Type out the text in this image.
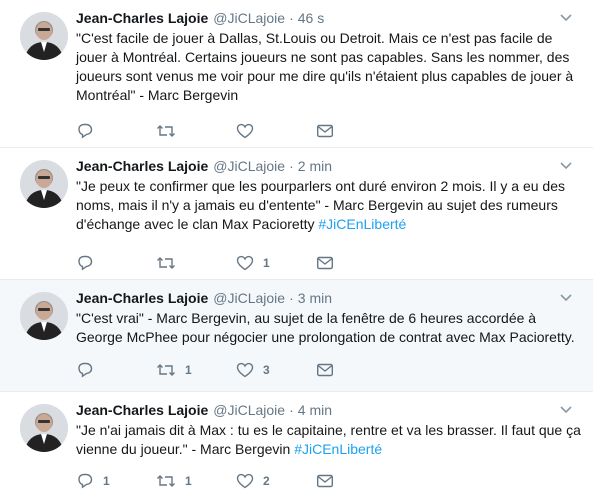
Jean-Charles Lajoie @JiCLajoie · 46 s
"C'est facile de jouer à Dallas, St.Louis ou Detroit. Mais ce n'est pas facile de jouer à Montréal. Certains joueurs ne sont pas capables. Sans les nommer, des joueurs sont venus me voir pour me dire qu'ils n'étaient plus capables de jouer à Montréal" - Marc Bergevin
Jean-Charles Lajoie @JiCLajoie · 2 min
"Je peux te confirmer que les pourparlers ont duré environ 2 mois. Il y a eu des noms, mais il n'y a jamais eu d'entente" - Marc Bergevin au sujet des rumeurs d'échange avec le clan Max Pacioretty #JiCEnLiberté
1
Jean-Charles Lajoie @JiCLajoie · 3 min
"C'est vrai" - Marc Bergevin, au sujet de la fenêtre de 6 heures accordée à George McPhee pour négocier une prolongation de contrat avec Max Pacioretty.
1	3
Jean-Charles Lajoie @JiCLajoie · 4 min
"Je n'ai jamais dit à Max : tu es le capitaine, rentre et va les brasser. Il faut que ça vienne du joueur." - Marc Bergevin #JiCEnLiberté
1	1	2
